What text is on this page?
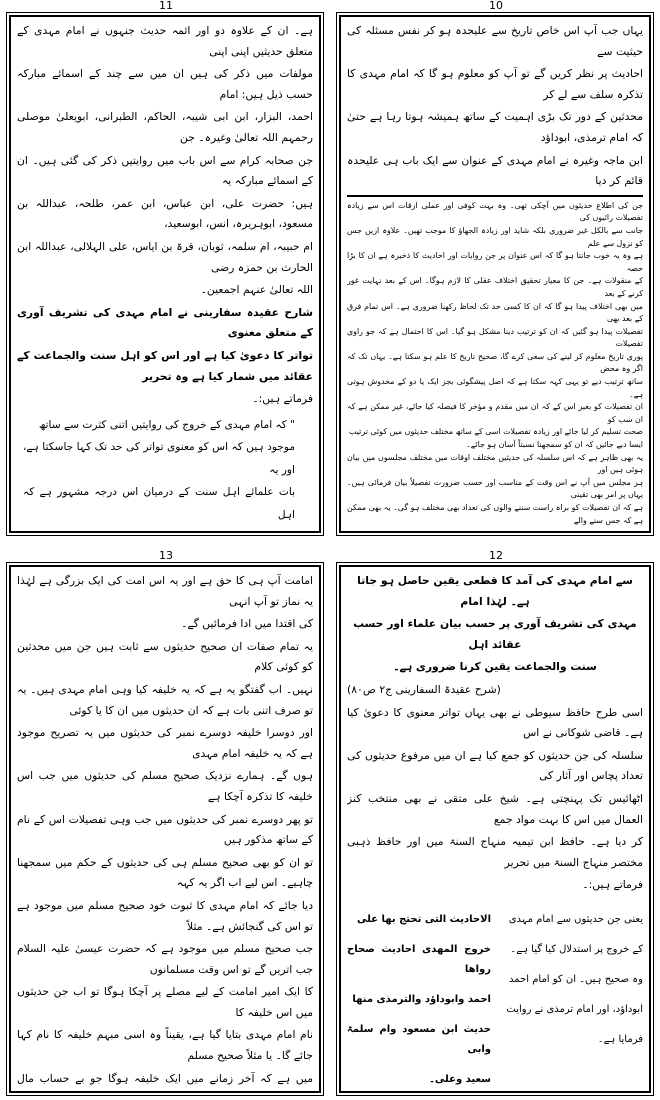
11	10

ہے۔ ان کے علاوہ دو اور ائمہ حدیث جنہوں نے امام مہدی کے متعلق حدیثیں اپنی اپنی

مولفات میں ذکر کی ہیں ان میں سے چند کے اسمائے مبارکہ حسب ذیل ہیں: امام

احمد، البزار، ابن ابی شیبہ، الحاکم، الطبرانی، ابویعلیٰ موصلی رحمہم اللہ تعالیٰ وغیرہ۔ جن

جن صحابہ کرام سے اس باب میں روایتیں ذکر کی گئی ہیں۔ ان کے اسمائے مبارکہ یہ

ہیں: حضرت علی، ابن عباس، ابن عمر، طلحہ، عبداللہ بن مسعود، ابوہریرہ، انس، ابوسعید،

ام حبیبہ، ام سلمہ، ثوبان، قرۃ بن ایاس، علی الہلالی، عبداللہ ابن الحارث بن حمزہ رضی

اللہ تعالیٰ عنہم اجمعین۔

شارح عقیدہ سفارینی نے امام مہدی کی تشریف آوری کے متعلق معنوی

تواتر کا دعویٰ کیا ہے اور اس کو اہل سنت والجماعت کے عقائد میں شمار کیا ہے وہ تحریر

فرماتے ہیں:۔

" کہ امام مہدی کے خروج کی روایتیں اتنی کثرت سے ساتھ

موجود ہیں کہ اس کو معنوی تواتر کی حد تک کہا جاسکتا ہے، اور یہ

بات علمائے اہل سنت کے درمیان اس درجہ مشہور ہے کہ اہل

یہاں جب آپ اس خاص تاریخ سے علیحدہ ہو کر نفس مسئلہ کی حیثیت سے

احادیث پر نظر کریں گے تو آپ کو معلوم ہو گا کہ امام مہدی کا تذکرہ سلف سے لے کر

محدثین کے دور تک بڑی اہمیت کے ساتھ ہمیشہ ہوتا رہا ہے حتیٰ کہ امام ترمذی، ابوداؤد

ابن ماجہ وغیرہ نے امام مہدی کے عنوان سے ایک باب ہی علیحدہ قائم کر دیا

جن کی اطلاع حدیثوں میں آچکی تھی۔ وہ بہت کوفی اور عملی ازقات اس سے زیادہ تفصیلات رائیوں کی

جانب سے بالکل غیر ضروری بلکہ شاید اور زیادہ الجھاؤ کا موجب تھیں۔ علاوہ ازیں جس کو نزول سے علم

ہے وہ یہ خوب جانتا ہو گا کہ اس عنوان پر جن روایات اور احادیث کا ذخیرہ ہے ان کا بڑا حصہ

کے منقولات ہے۔ جن کا معیار تحقیق اختلاف عقلی کا لازم ہوگا۔ اس کے بعد نہایت غور کرنے کے بعد

میں بھی اختلاف پیدا ہو گا کہ ان کا کسی حد تک لحاظ رکھنا ضروری ہے۔ اس تمام فرق کے بعد بھی

تفصیلات پیدا ہو گئیں کہ ان کو ترتیب دینا مشکل ہو گیا۔ اس کا احتمال ہے کہ جو راوی تفصیلات

پوری تاریخ معلوم کر لینے کی سعی کرے گا، صحیح تاریخ کا علم ہو سکتا ہے۔ یہاں تک کہ اگر وہ محض

ساتھ ترتیب دیے تو یہی کہہ سکتا ہے کہ اصل پیشگوئی بجز ایک یا دو کے مخدوش ہوتی ہے۔

ان تفصیلات کو بغیر اس کے کہ ان میں مقدم و مؤخر کا فیصلہ کیا جائے، غیر ممکن ہے کہ ان سب کو

صحت تسلیم کر لیا جائے اور زیادہ تفصیلات اسی کے ساتھ مختلف حدیثوں میں کوئی ترتیب

ایسا دیے جائیں کہ ان کو سمجھنا نسبتاً آسان ہو جائے۔

یہ بھی ظاہر ہے کہ اس سلسلہ کی حدیثیں مختلف اوقات میں مختلف مجلسوں میں بیان ہوئی ہیں اور

ہر مجلس میں آپ نے اس وقت کے مناسب اور حسب ضرورت تفصیلاً بیان فرمائی ہیں۔ یہاں پر امر بھی تقینی

ہے کہ ان تفصیلات کو براہ راست سننے والوں کی تعداد بھی مختلف ہو گی۔ یہ بھی ممکن ہے کہ جس سنے والے

13	12

امامت آپ ہی کا حق ہے اور یہ اس امت کی ایک بزرگی ہے لہٰذا یہ نماز تو آپ انہی

کی اقتدا میں ادا فرمائیں گے۔

یہ تمام صفات ان صحیح حدیثوں سے ثابت ہیں جن میں محدثین کو کوئی کلام

نہیں۔ اب گفتگو یہ ہے کہ یہ خلیفہ کیا وہی امام مہدی ہیں۔ یہ تو صرف اتنی بات ہے کہ ان حدیثوں میں ان کا یا کوئی

اور دوسرا خلیفہ دوسرے نمبر کی حدیثوں میں یہ تصریح موجود ہے کہ یہ خلیفہ امام مہدی

ہوں گے۔ ہمارے نزدیک صحیح مسلم کی حدیثوں میں جب اس خلیفہ کا تذکرہ آچکا ہے

تو پھر دوسرے نمبر کی حدیثوں میں جب وہی تفصیلات اس کے نام کے ساتھ مذکور ہیں

تو ان کو بھی صحیح مسلم ہی کی حدیثوں کے حکم میں سمجھنا چاہیے۔ اس لیے اب اگر یہ کہہ

دیا جائے کہ امام مہدی کا ثبوت خود صحیح مسلم میں موجود ہے تو اس کی گنجائش ہے۔ مثلاً

جب صحیح مسلم میں موجود ہے کہ حضرت عیسیٰ علیہ السلام جب اتریں گے تو اس وقت مسلمانوں

کا ایک امیر امامت کے لیے مصلے پر آچکا ہوگا تو اب جن حدیثوں میں اس خلیفہ کا

نام امام مہدی بتایا گیا ہے، یقیناً وہ اسی مبہم خلیفہ کا نام کہا جائے گا۔ یا مثلاً صحیح مسلم

میں ہے کہ آخر زمانے میں ایک خلیفہ ہوگا جو بے حساب مال

سے امام مہدی کی آمد کا قطعی یقین حاصل ہو جاتا ہے۔ لہٰذا امام

مہدی کی تشریف آوری پر حسب بیان علماء اور حسب عقائد اہل

سنت والجماعت یقین کرنا ضروری ہے۔

(شرح عقیدۃ السفارینی ج۲ ص۸۰)

اسی طرح حافظ سیوطی نے بھی یہاں تواتر معنوی کا دعویٰ کیا ہے۔ قاضی شوکانی نے اس

سلسلہ کی جن حدیثوں کو جمع کیا ہے ان میں مرفوع حدیثوں کی تعداد پچاس اور آثار کی

اٹھائیس تک پہنچتی ہے۔ شیخ علی متقی نے بھی منتخب کنز العمال میں اس کا بہت مواد جمع

کر دیا ہے۔ حافظ ابن تیمیہ منہاج السنۃ میں اور حافظ ذہبی مختصر منہاج السنۃ میں تحریر

فرماتے ہیں:۔

یعنی جن حدیثوں سے امام مہدی

کے خروج پر استدلال کیا گیا ہے۔

وہ صحیح ہیں۔ ان کو امام احمد

ابوداؤد، اور امام ترمذی نے روایت

فرمایا ہے۔

الاحادیث التی تحتج بھا علی

خروج المھدی احادیث صحاح رواھا

احمد وابوداؤد والترمذی منھا

حدیث ابن مسعود وام سلمۃ وابی

سعید وعلی۔
